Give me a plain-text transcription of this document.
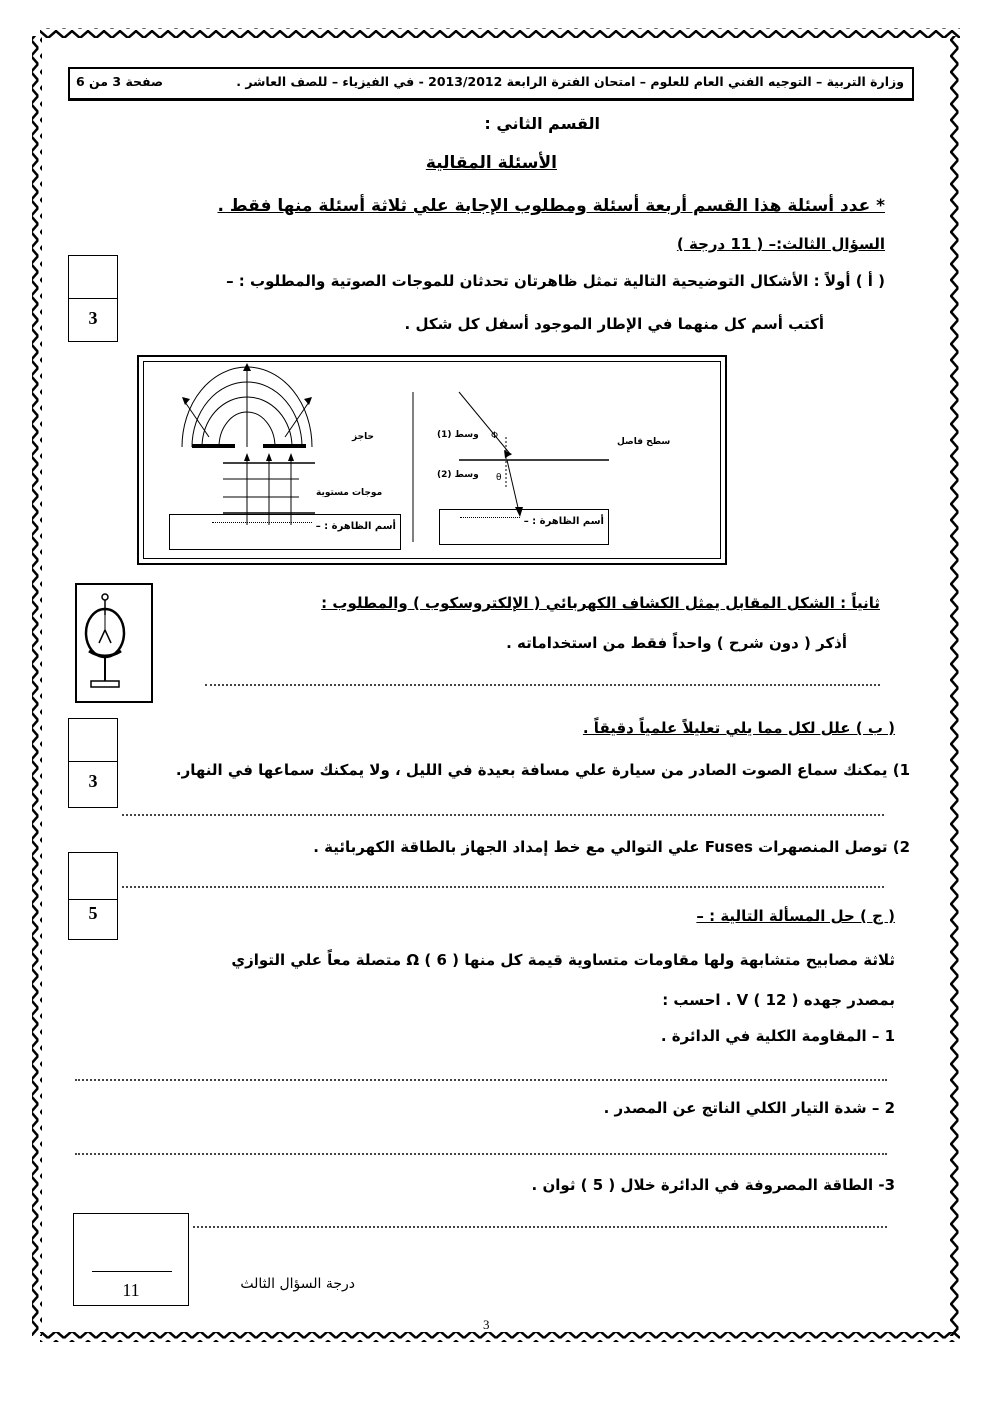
وزارة التربية – التوجيه الفني العام للعلوم – امتحان الفترة الرابعة 2013/2012 - في الفيزياء – للصف العاشر .
صفحة 3 من 6
القسم الثاني :
الأسئلة المقالية
* عدد أسئلة هذا القسم أربعة أسئلة ومطلوب الإجابة علي ثلاثة أسئلة منها فقط .
السؤال الثالث:– ( 11 درجة )
3
( أ ) أولاً : الأشكال التوضيحية التالية تمثل ظاهرتان تحدثان للموجات الصوتية والمطلوب : –
أكتب أسم كل منهما في الإطار الموجود أسفل كل شكل .
حاجز
موجات مستوية
أسم الظاهرة : –
وسط (1)
وسط (2)
سطح فاصل
Φ
θ
أسم الظاهرة : –
ثانياً : الشكل المقابل يمثل الكشاف الكهربائي ( الإلكتروسكوب ) والمطلوب :
أذكر ( دون شرح ) واحداً فقط من استخداماته .
3
( ب ) علل لكل مما يلي تعليلاً علمياً دقيقاً .
1) يمكنك سماع الصوت الصادر من سيارة علي مسافة بعيدة في الليل ، ولا يمكنك سماعها في النهار.
2) توصل المنصهرات Fuses علي التوالي مع خط إمداد الجهاز بالطاقة الكهربائية .
5	( ج ) حل المسألة التالية : –
ثلاثة مصابيح متشابهة ولها مقاومات متساوية قيمة كل منها Ω ( 6 ) متصلة معاً علي التوازي
بمصدر جهده V ( 12 ) . احسب :
1 – المقاومة الكلية في الدائرة .
2 – شدة التيار الكلي الناتج عن المصدر .
3- الطاقة المصروفة في الدائرة خلال ( 5 ) ثوان .
11	درجة السؤال الثالث
3
